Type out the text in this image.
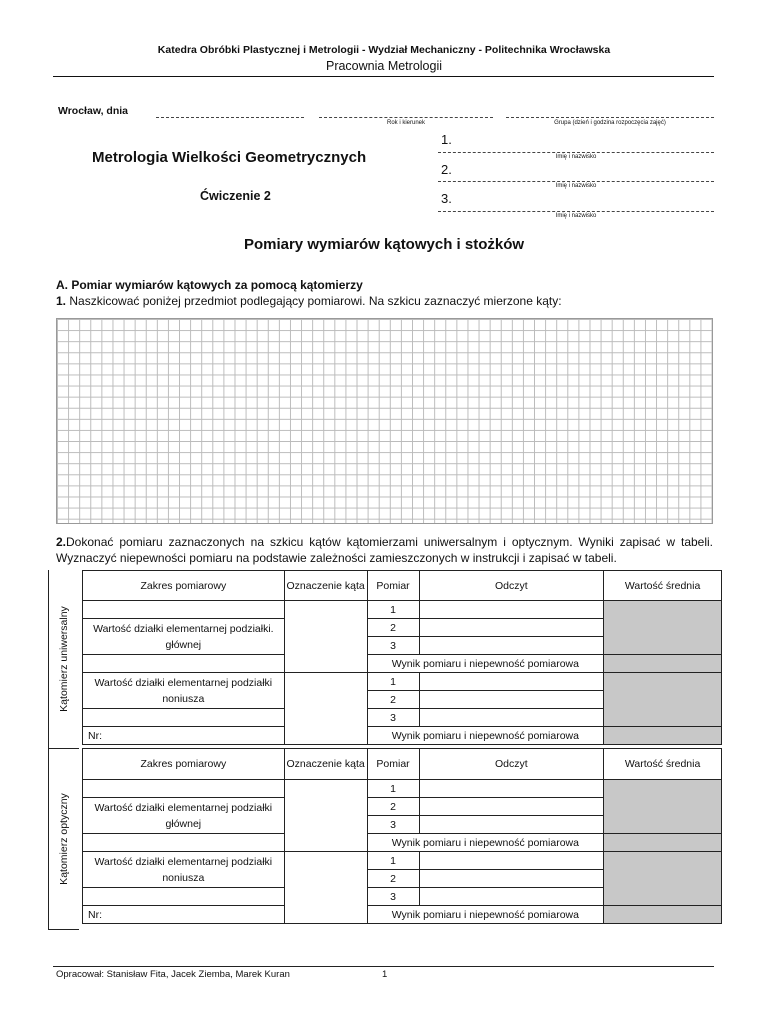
Katedra Obróbki Plastycznej i Metrologii - Wydział Mechaniczny - Politechnika Wrocławska
Pracownia Metrologii
Wrocław, dnia
Rok i kierunek	Grupa (dzień i godzina rozpoczęcia zajęć)
Metrologia Wielkości Geometrycznych
Ćwiczenie 2
1.
Imię i nazwisko
2.
Imię i nazwisko
3.
Imię i nazwisko
Pomiary wymiarów kątowych i stożków
A. Pomiar wymiarów kątowych za pomocą kątomierzy
1. Naszkicować poniżej przedmiot podlegający pomiarowi. Na szkicu zaznaczyć mierzone kąty:
2.Dokonać pomiaru zaznaczonych na szkicu kątów kątomierzami uniwersalnym i optycznym. Wyniki zapisać w tabeli. Wyznaczyć niepewności pomiaru na podstawie zależności zamieszczonych w instrukcji i zapisać w tabeli.
Kątomierz uniwersalny
Zakres pomiarowy	Oznaczenie kąta	Pomiar	Odczyt	Wartość średnia
		1		
Wartość działki elementarnej podziałki. głównej		2		
		3		
		Wynik pomiaru i niepewność pomiarowa		
Wartość działki elementarnej podziałki noniusza		1		
		2		
		3		
Nr:		Wynik pomiaru i niepewność pomiarowa		
Kątomierz optyczny
Zakres pomiarowy	Oznaczenie kąta	Pomiar	Odczyt	Wartość średnia
		1		
Wartość działki elementarnej podziałki głównej		2		
		3		
		Wynik pomiaru i niepewność pomiarowa		
Wartość działki elementarnej podziałki noniusza		1		
		2		
		3		
Nr:		Wynik pomiaru i niepewność pomiarowa		
Opracował: Stanisław Fita, Jacek Ziemba, Marek Kuran	1
